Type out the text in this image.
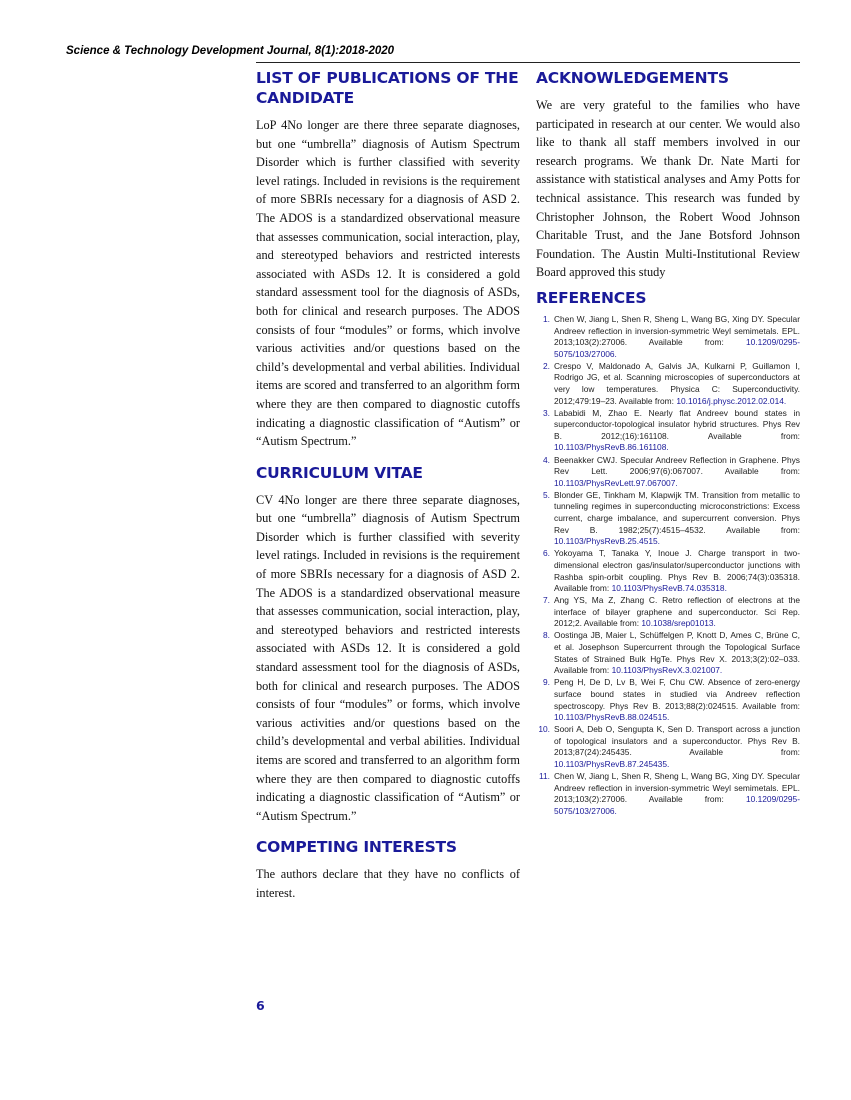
Science & Technology Development Journal, 8(1):2018-2020
LIST OF PUBLICATIONS OF THE CANDIDATE

LoP 4No longer are there three separate diagnoses, but one “umbrella” diagnosis of Autism Spectrum Disorder which is further classified with severity level ratings. Included in revisions is the requirement of more SBRIs necessary for a diagnosis of ASD 2. The ADOS is a standardized observational measure that assesses communication, social interaction, play, and stereotyped behaviors and restricted interests associated with ASDs 12. It is considered a gold standard assessment tool for the diagnosis of ASDs, both for clinical and research purposes. The ADOS consists of four “modules” or forms, which involve various activities and/or questions based on the child’s developmental and verbal abilities. Individual items are scored and transferred to an algorithm form where they are then compared to diagnostic cutoffs indicating a diagnostic classification of “Autism” or “Autism Spectrum.”

CURRICULUM VITAE

CV 4No longer are there three separate diagnoses, but one “umbrella” diagnosis of Autism Spectrum Disorder which is further classified with severity level ratings. Included in revisions is the requirement of more SBRIs necessary for a diagnosis of ASD 2. The ADOS is a standardized observational measure that assesses communication, social interaction, play, and stereotyped behaviors and restricted interests associated with ASDs 12. It is considered a gold standard assessment tool for the diagnosis of ASDs, both for clinical and research purposes. The ADOS consists of four “modules” or forms, which involve various activities and/or questions based on the child’s developmental and verbal abilities. Individual items are scored and transferred to an algorithm form where they are then compared to diagnostic cutoffs indicating a diagnostic classification of “Autism” or “Autism Spectrum.”

COMPETING INTERESTS

The authors declare that they have no conflicts of interest.

ACKNOWLEDGEMENTS

We are very grateful to the families who have participated in research at our center. We would also like to thank all staff members involved in our research programs. We thank Dr. Nate Marti for assistance with statistical analyses and Amy Potts for technical assistance. This research was funded by Christopher Johnson, the Robert Wood Johnson Charitable Trust, and the Jane Botsford Johnson Foundation. The Austin Multi-Institutional Review Board approved this study

REFERENCES
1. Chen W, Jiang L, Shen R, Sheng L, Wang BG, Xing DY. Specular Andreev reflection in inversion-symmetric Weyl semimetals. EPL. 2013;103(2):27006. Available from: 10.1209/0295-5075/103/27006.
2. Crespo V, Maldonado A, Galvis JA, Kulkarni P, Guillamon I, Rodrigo JG, et al. Scanning microscopies of superconductors at very low temperatures. Physica C: Superconductivity. 2012;479:19–23. Available from: 10.1016/j.physc.2012.02.014.
3. Lababidi M, Zhao E. Nearly flat Andreev bound states in superconductor-topological insulator hybrid structures. Phys Rev B. 2012;(16):161108. Available from: 10.1103/PhysRevB.86.161108.
4. Beenakker CWJ. Specular Andreev Reflection in Graphene. Phys Rev Lett. 2006;97(6):067007. Available from: 10.1103/PhysRevLett.97.067007.
5. Blonder GE, Tinkham M, Klapwijk TM. Transition from metallic to tunneling regimes in superconducting microconstrictions: Excess current, charge imbalance, and supercurrent conversion. Phys Rev B. 1982;25(7):4515–4532. Available from: 10.1103/PhysRevB.25.4515.
6. Yokoyama T, Tanaka Y, Inoue J. Charge transport in two-dimensional electron gas/insulator/superconductor junctions with Rashba spin-orbit coupling. Phys Rev B. 2006;74(3):035318. Available from: 10.1103/PhysRevB.74.035318.
7. Ang YS, Ma Z, Zhang C. Retro reflection of electrons at the interface of bilayer graphene and superconductor. Sci Rep. 2012;2. Available from: 10.1038/srep01013.
8. Oostinga JB, Maier L, Schüffelgen P, Knott D, Ames C, Brüne C, et al. Josephson Supercurrent through the Topological Surface States of Strained Bulk HgTe. Phys Rev X. 2013;3(2):02–033. Available from: 10.1103/PhysRevX.3.021007.
9. Peng H, De D, Lv B, Wei F, Chu CW. Absence of zero-energy surface bound states in studied via Andreev reflection spectroscopy. Phys Rev B. 2013;88(2):024515. Available from: 10.1103/PhysRevB.88.024515.
10. Soori A, Deb O, Sengupta K, Sen D. Transport across a junction of topological insulators and a superconductor. Phys Rev B. 2013;87(24):245435. Available from: 10.1103/PhysRevB.87.245435.
11. Chen W, Jiang L, Shen R, Sheng L, Wang BG, Xing DY. Specular Andreev reflection in inversion-symmetric Weyl semimetals. EPL. 2013;103(2):27006. Available from: 10.1209/0295-5075/103/27006.
6
